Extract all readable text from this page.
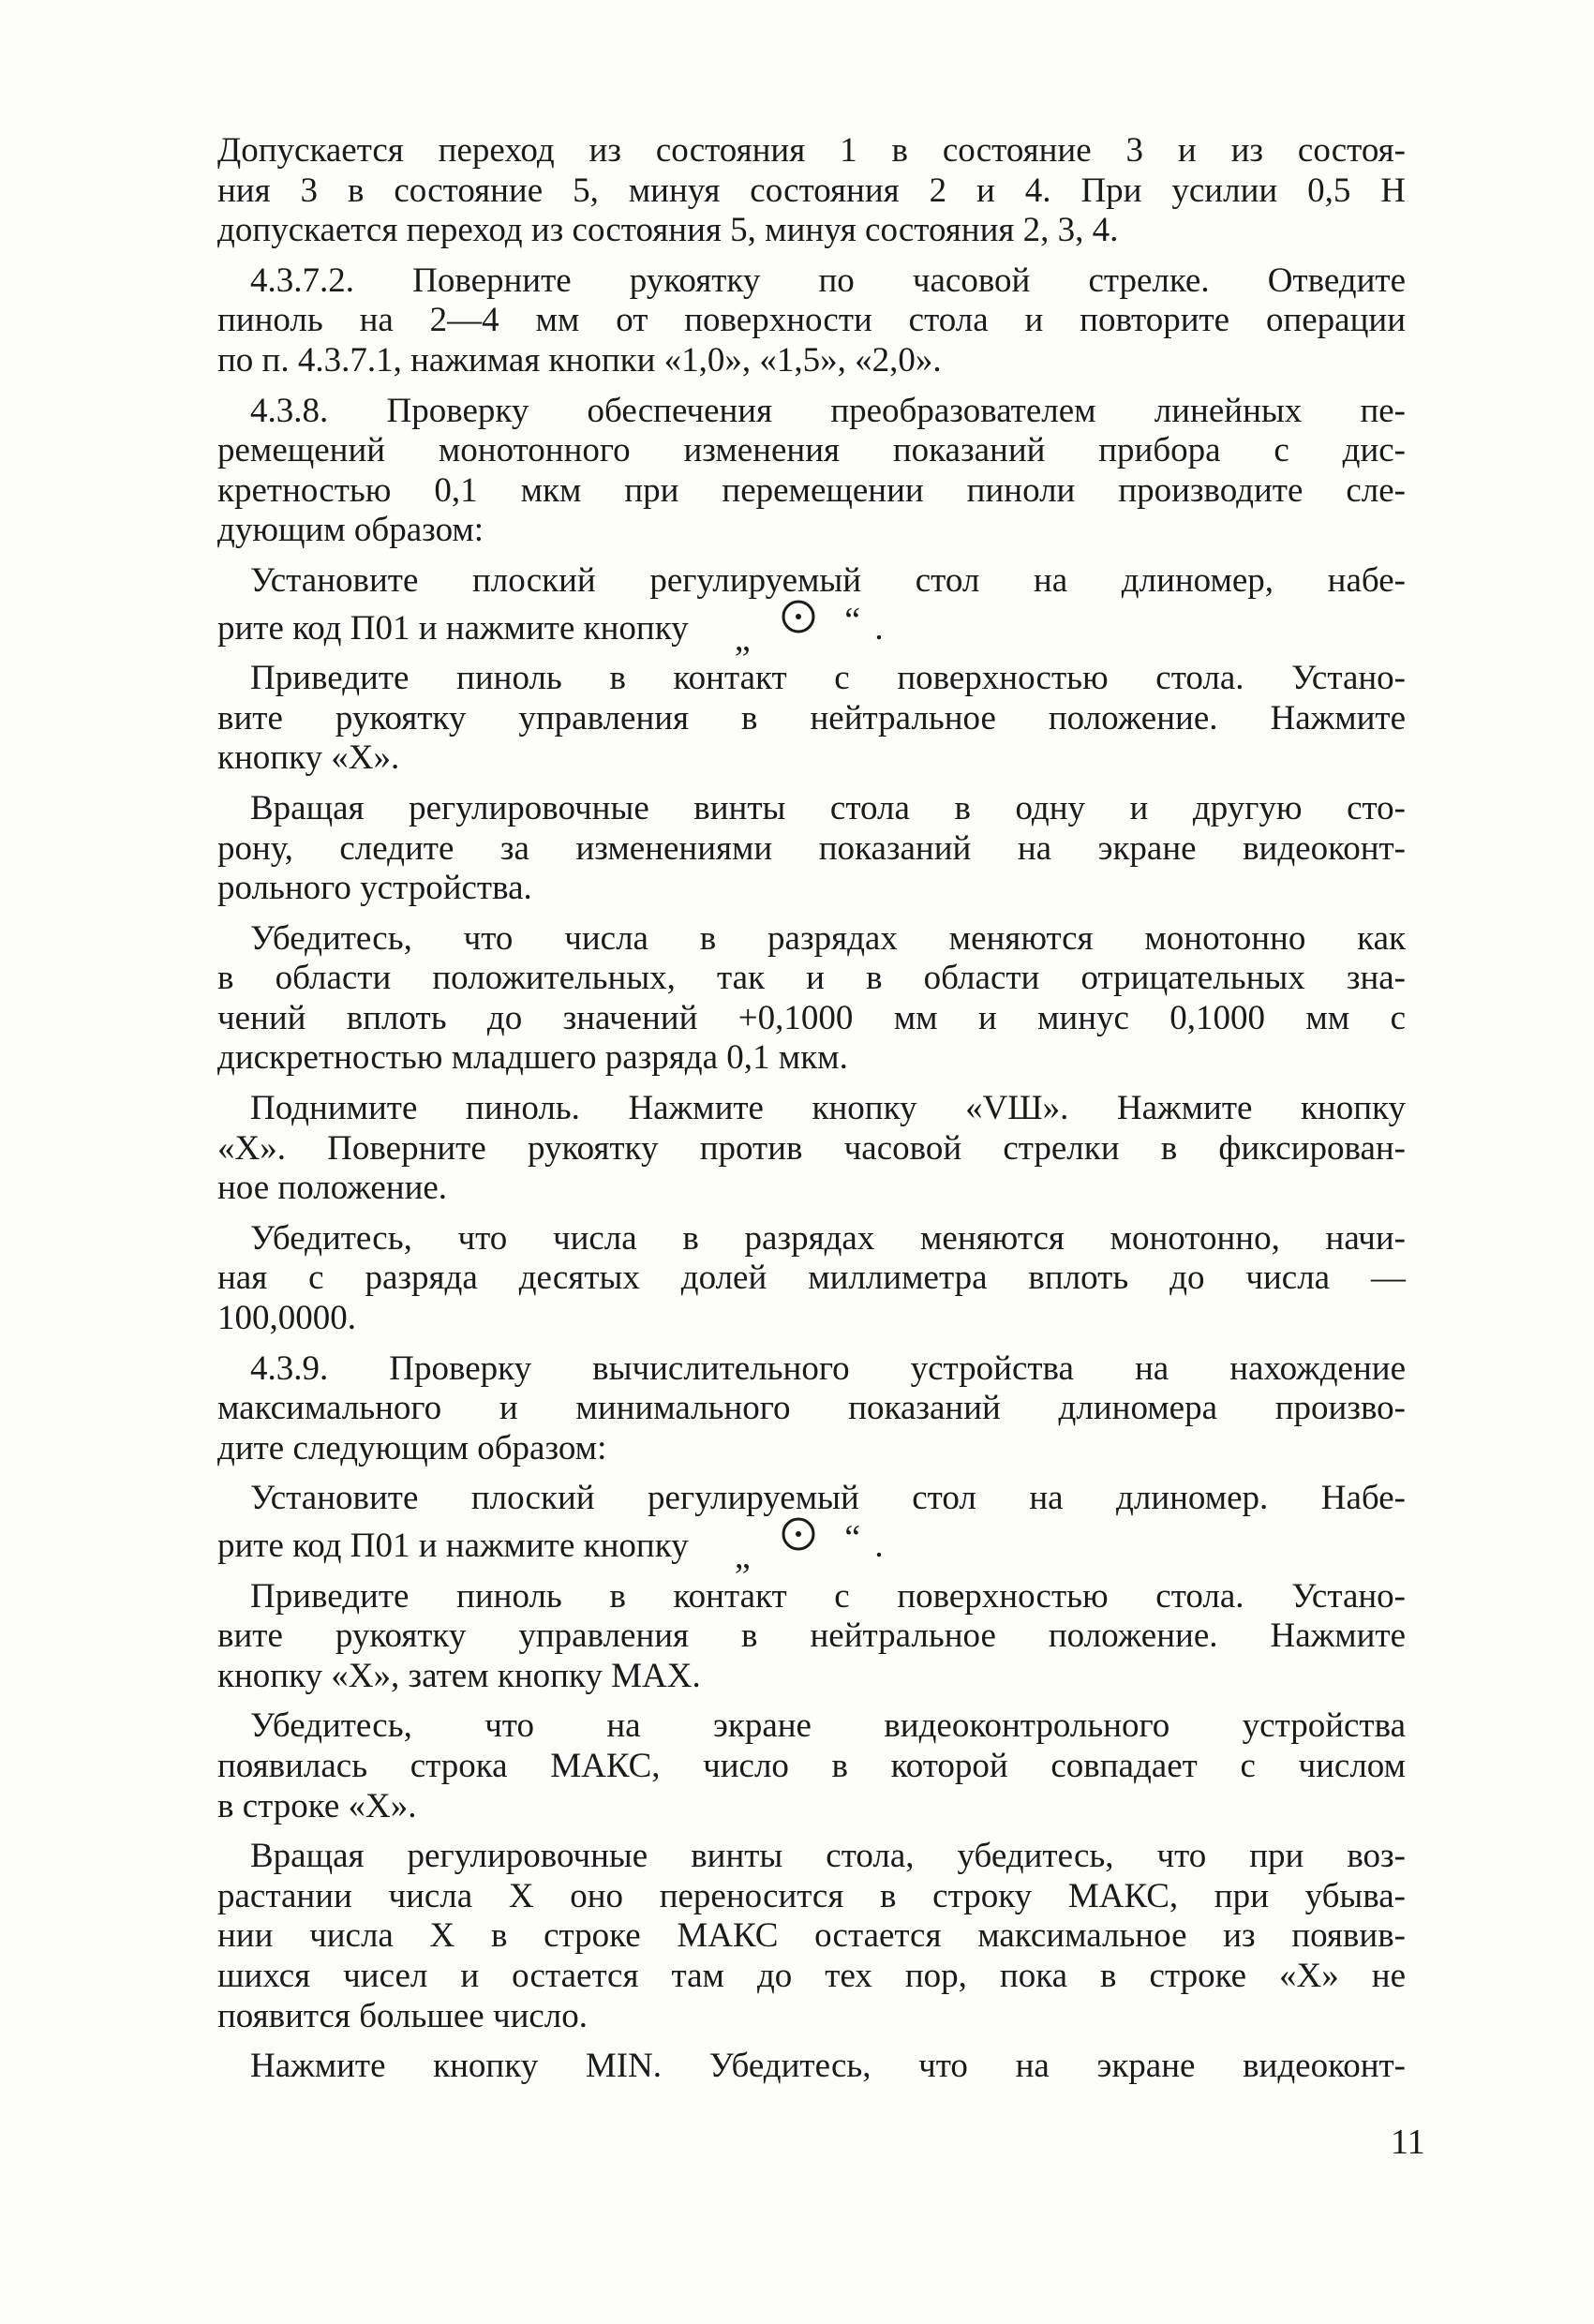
Допускается переход из состояния 1 в состояние 3 и из состоя-
ния 3 в состояние 5, минуя состояния 2 и 4. При усилии 0,5 Н
допускается переход из состояния 5, минуя состояния 2, 3, 4.
4.3.7.2. Поверните рукоятку по часовой стрелке. Отведите
пиноль на 2—4 мм от поверхности стола и повторите операции
по п. 4.3.7.1, нажимая кнопки «1,0», «1,5», «2,0».
4.3.8. Проверку обеспечения преобразователем линейных пе-
ремещений монотонного изменения показаний прибора с дис-
кретностью 0,1 мкм при перемещении пиноли производите сле-
дующим образом:
Установите плоский регулируемый стол на длиномер, набе-
рите код П01 и нажмите кнопку „	“ .
Приведите пиноль в контакт с поверхностью стола. Устано-
вите рукоятку управления в нейтральное положение. Нажмите
кнопку «Х».
Вращая регулировочные винты стола в одну и другую сто-
рону, следите за изменениями показаний на экране видеоконт-
рольного устройства.
Убедитесь, что числа в разрядах меняются монотонно как
в области положительных, так и в области отрицательных зна-
чений вплоть до значений +0,1000 мм и минус 0,1000 мм с
дискретностью младшего разряда 0,1 мкм.
Поднимите пиноль. Нажмите кнопку «VШ». Нажмите кнопку
«Х». Поверните рукоятку против часовой стрелки в фиксирован-
ное положение.
Убедитесь, что числа в разрядах меняются монотонно, начи-
ная с разряда десятых долей миллиметра вплоть до числа —
100,0000.
4.3.9. Проверку вычислительного устройства на нахождение
максимального и минимального показаний длиномера произво-
дите следующим образом:
Установите плоский регулируемый стол на длиномер. Набе-
рите код П01 и нажмите кнопку „	“ .
Приведите пиноль в контакт с поверхностью стола. Устано-
вите рукоятку управления в нейтральное положение. Нажмите
кнопку «Х», затем кнопку МАХ.
Убедитесь, что на экране видеоконтрольного устройства
появилась строка МАКС, число в которой совпадает с числом
в строке «Х».
Вращая регулировочные винты стола, убедитесь, что при воз-
растании числа Х оно переносится в строку МАКС, при убыва-
нии числа Х в строке МАКС остается максимальное из появив-
шихся чисел и остается там до тех пор, пока в строке «Х» не
появится большее число.
Нажмите кнопку MIN. Убедитесь, что на экране видеоконт-
11
